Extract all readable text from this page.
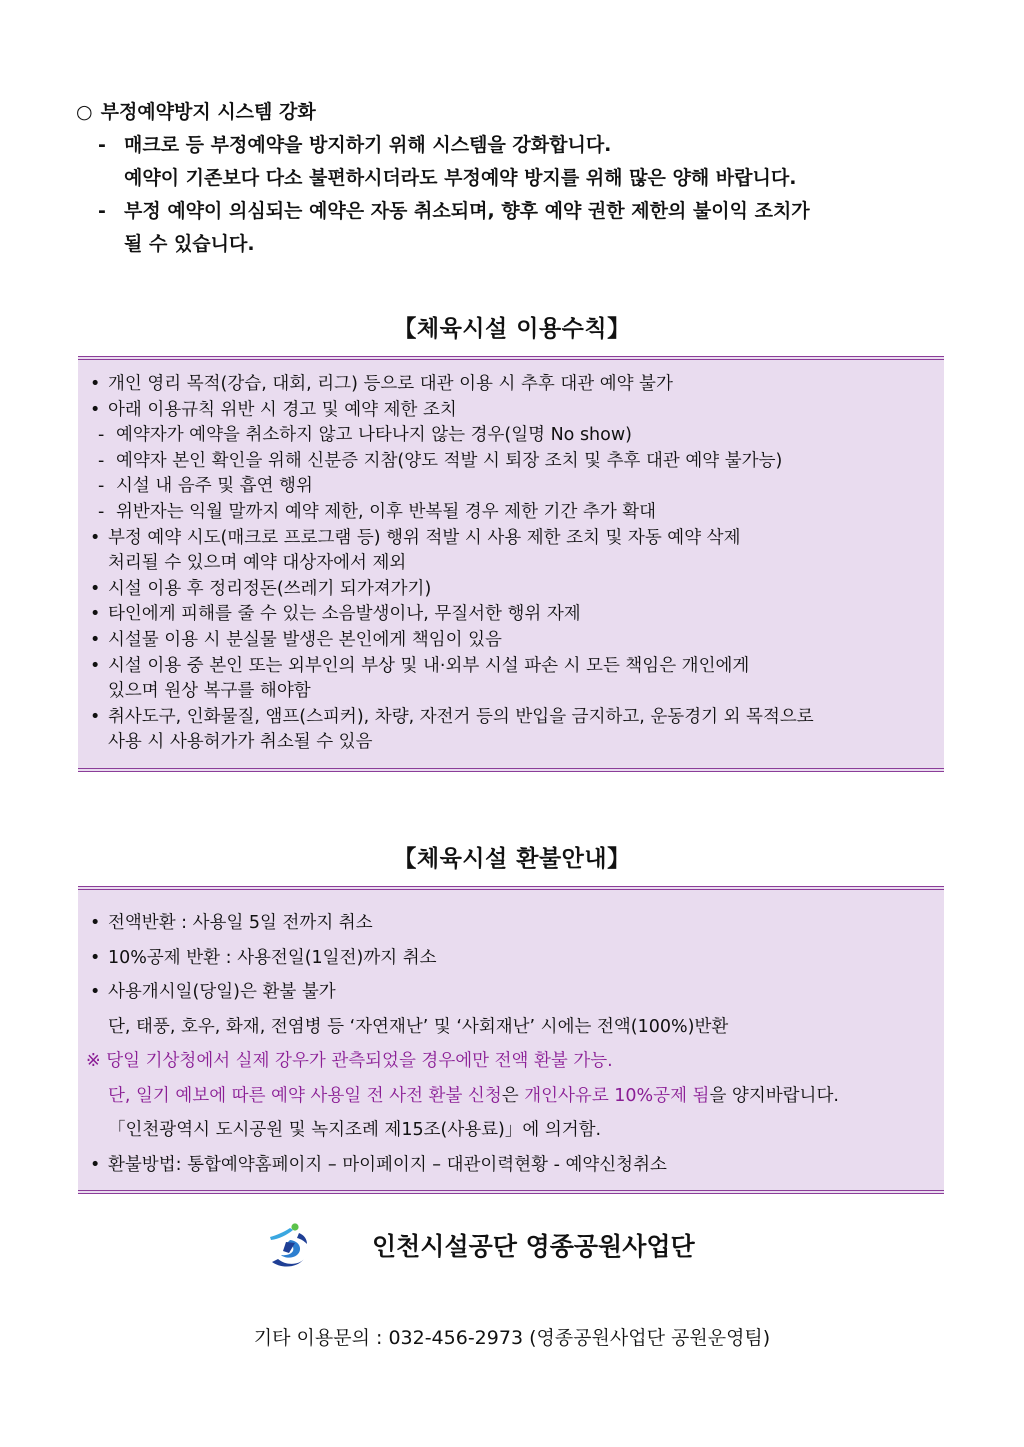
○ 부정예약방지 시스템 강화
- 매크로 등 부정예약을 방지하기 위해 시스템을 강화합니다.
예약이 기존보다 다소 불편하시더라도 부정예약 방지를 위해 많은 양해 바랍니다.
- 부정 예약이 의심되는 예약은 자동 취소되며, 향후 예약 권한 제한의 불이익 조치가
될 수 있습니다.
【체육시설 이용수칙】
• 개인 영리 목적(강습, 대회, 리그) 등으로 대관 이용 시 추후 대관 예약 불가
• 아래 이용규칙 위반 시 경고 및 예약 제한 조치
- 예약자가 예약을 취소하지 않고 나타나지 않는 경우(일명 No show)
- 예약자 본인 확인을 위해 신분증 지참(양도 적발 시 퇴장 조치 및 추후 대관 예약 불가능)
- 시설 내 음주 및 흡연 행위
- 위반자는 익월 말까지 예약 제한, 이후 반복될 경우 제한 기간 추가 확대
• 부정 예약 시도(매크로 프로그램 등) 행위 적발 시 사용 제한 조치 및 자동 예약 삭제
처리될 수 있으며 예약 대상자에서 제외
• 시설 이용 후 정리정돈(쓰레기 되가져가기)
• 타인에게 피해를 줄 수 있는 소음발생이나, 무질서한 행위 자제
• 시설물 이용 시 분실물 발생은 본인에게 책임이 있음
• 시설 이용 중 본인 또는 외부인의 부상 및 내·외부 시설 파손 시 모든 책임은 개인에게
있으며 원상 복구를 해야함
• 취사도구, 인화물질, 앰프(스피커), 차량, 자전거 등의 반입을 금지하고, 운동경기 외 목적으로
사용 시 사용허가가 취소될 수 있음
【체육시설 환불안내】
• 전액반환 : 사용일 5일 전까지 취소
• 10%공제 반환 : 사용전일(1일전)까지 취소
• 사용개시일(당일)은 환불 불가
단, 태풍, 호우, 화재, 전염병 등 ‘자연재난’ 및 ‘사회재난’ 시에는 전액(100%)반환
※ 당일 기상청에서 실제 강우가 관측되었을 경우에만 전액 환불 가능.
단, 일기 예보에 따른 예약 사용일 전 사전 환불 신청은 개인사유로 10%공제 됨을 양지바랍니다.
「인천광역시 도시공원 및 녹지조례 제15조(사용료)」에 의거함.
• 환불방법: 통합예약홈페이지 – 마이페이지 – 대관이력현황 - 예약신청취소
인천시설공단 영종공원사업단
기타 이용문의 : 032-456-2973 (영종공원사업단 공원운영팀)
